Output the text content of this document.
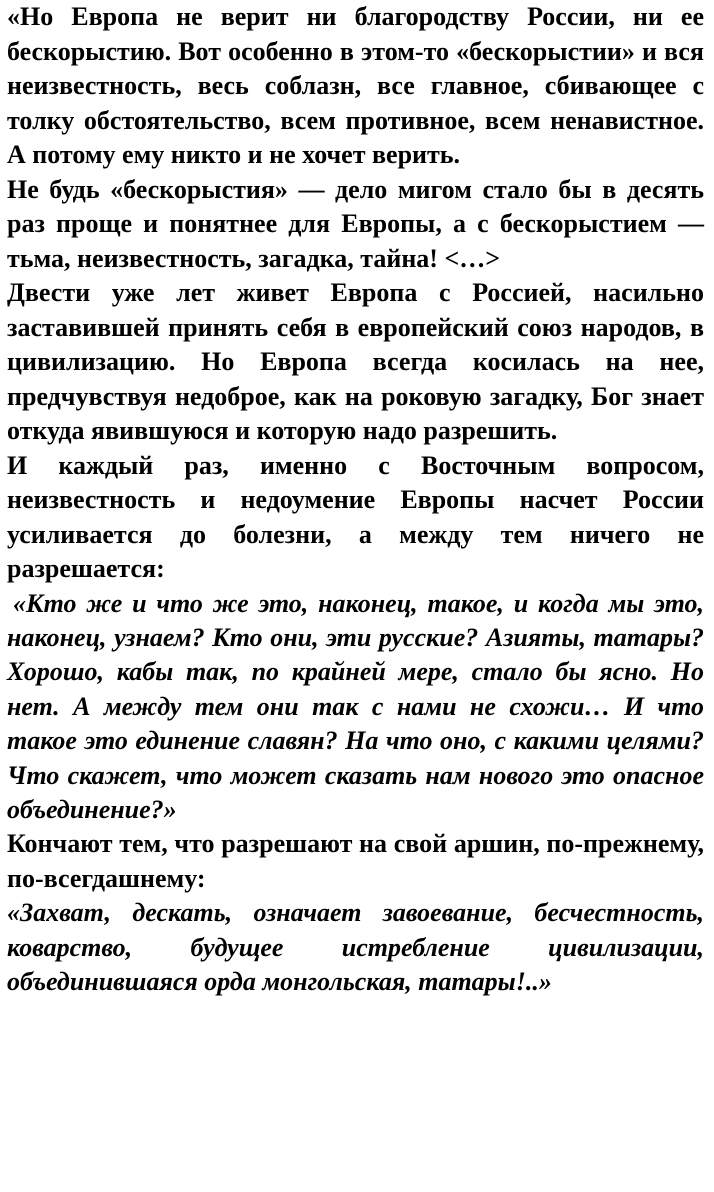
«Но Европа не верит ни благородству России, ни ее бескорыстию. Вот особенно в этом-то «бескорыстии» и вся неизвестность, весь соблазн, все главное, сбивающее с толку обстоятельство, всем противное, всем ненавистное. А потому ему никто и не хочет верить.

Не будь «бескорыстия» — дело мигом стало бы в десять раз проще и понятнее для Европы, а с бескорыстием — тьма, неизвестность, загадка, тайна! <…>

Двести уже лет живет Европа с Россией, насильно заставившей принять себя в европейский союз народов, в цивилизацию. Но Европа всегда косилась на нее, предчувствуя недоброе, как на роковую загадку, Бог знает откуда явившуюся и которую надо разрешить.

И каждый раз, именно с Восточным вопросом, неизвестность и недоумение Европы насчет России усиливается до болезни, а между тем ничего не разрешается:

«Кто же и что же это, наконец, такое, и когда мы это, наконец, узнаем? Кто они, эти русские? Азияты, татары? Хорошо, кабы так, по крайней мере, стало бы ясно. Но нет. А между тем они так с нами не схожи… И что такое это единение славян? На что оно, с какими целями? Что скажет, что может сказать нам нового это опасное объединение?»

Кончают тем, что разрешают на свой аршин, по-прежнему, по-всегдашнему:

«Захват, дескать, означает завоевание, бесчестность, коварство, будущее истребление цивилизации, объединившаяся орда монгольская, татары!..»
